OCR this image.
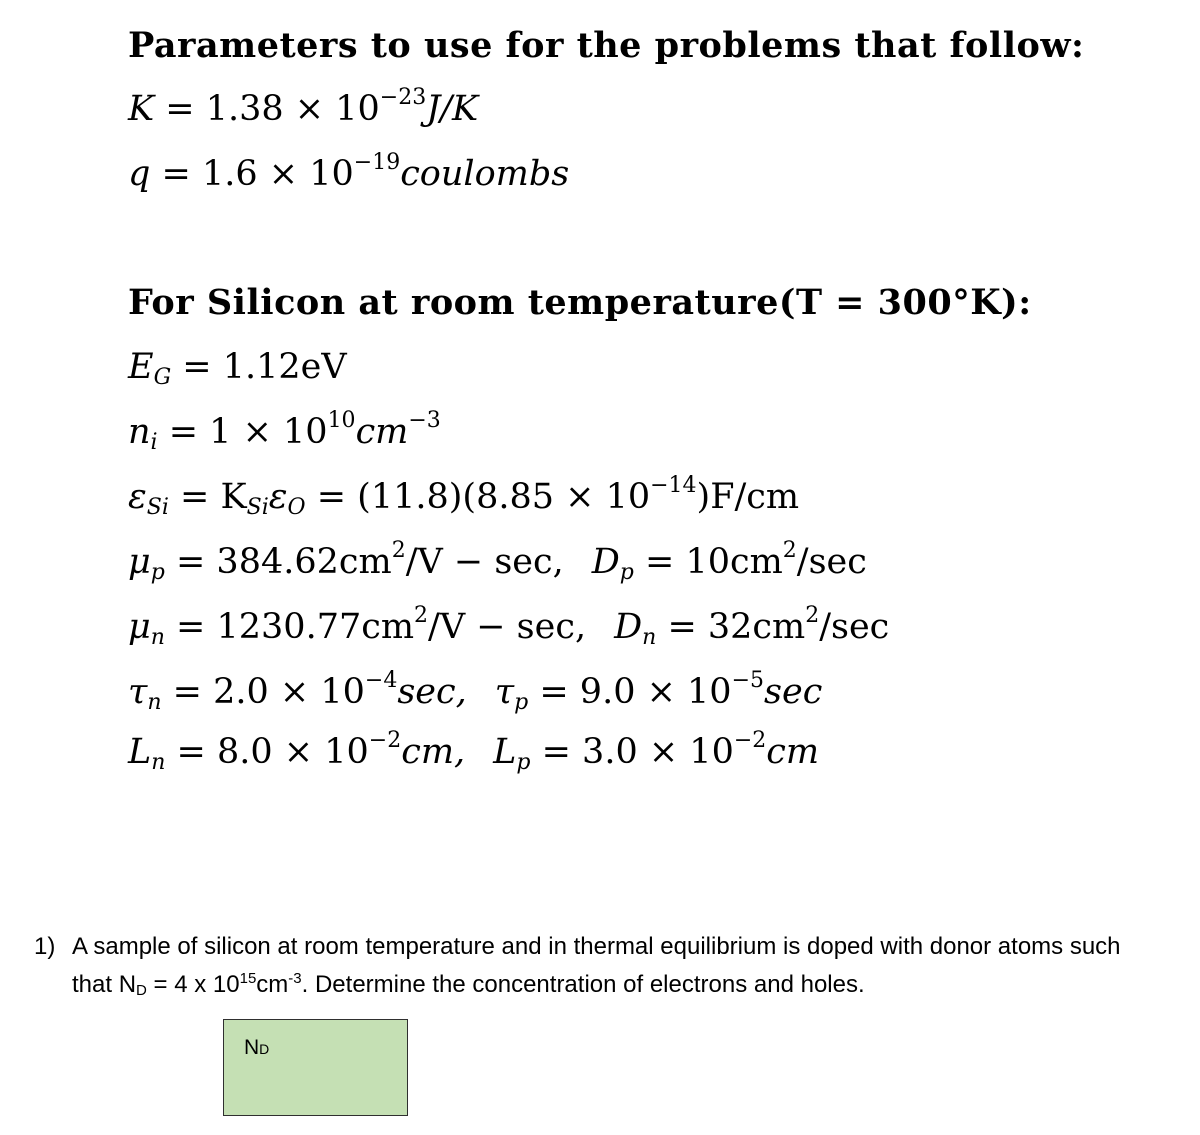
Parameters to use for the problems that follow:
$K = 1.38 \times 10^{-23}J/K$
$q = 1.6 \times 10^{-19}coulombs$
For Silicon at room temperature(T = 300°K):
$E_G = 1.12eV$
$n_i = 1 \times 10^{10}cm^{-3}$
$\varepsilon_{Si} = K_{Si}\varepsilon_O = (11.8)(8.85 \times 10^{-14})F/cm$
$\mu_p = 384.62cm^2/V - \sec$, $D_p = 10cm^2/\sec$
$\mu_n = 1230.77cm^2/V - \sec$, $D_n = 32cm^2/\sec$
$\tau_n = 2.0 \times 10^{-4}\sec$, $\tau_p = 9.0 \times 10^{-5}\sec$
$L_n = 8.0 \times 10^{-2}cm$, $L_p = 3.0 \times 10^{-2}cm$
1) A sample of silicon at room temperature and in thermal equilibrium is doped with donor atoms such that $N_D = 4$ x $10^{15}cm^{-3}$. Determine the concentration of electrons and holes.
ND
